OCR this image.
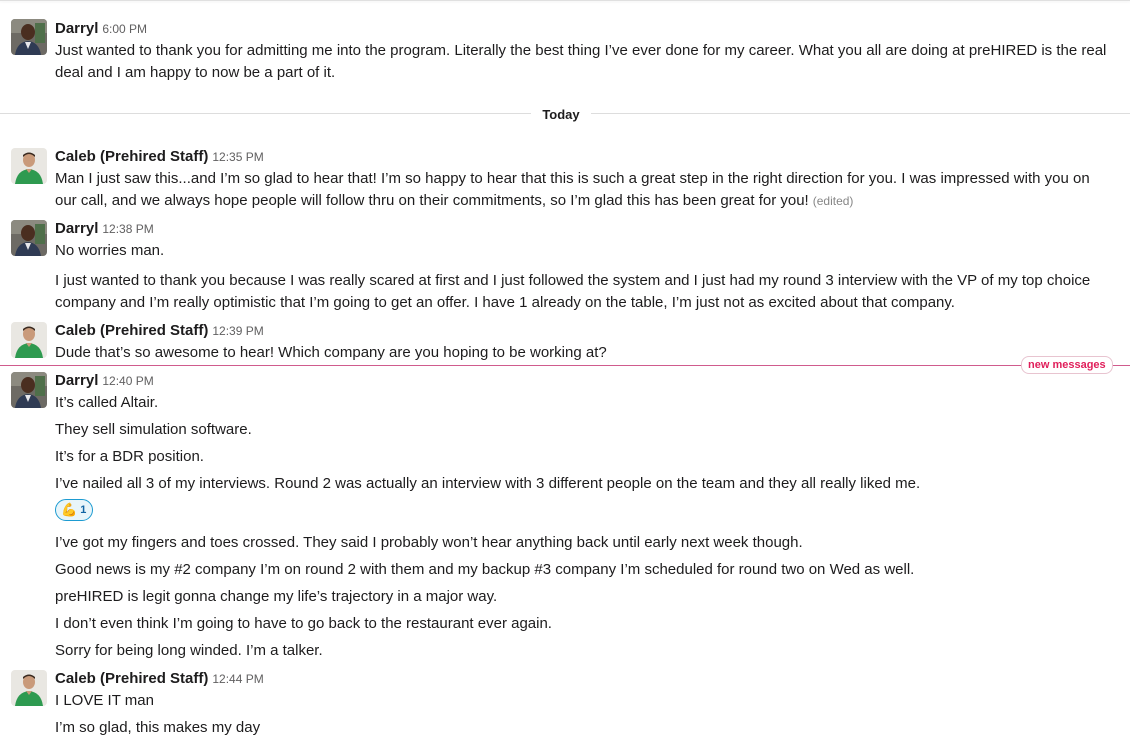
Darryl 6:00 PM
Just wanted to thank you for admitting me into the program. Literally the best thing I’ve ever done for my career. What you all are doing at preHIRED is the real deal and I am happy to now be a part of it.
Today
Caleb (Prehired Staff) 12:35 PM
Man I just saw this...and I’m so glad to hear that! I’m so happy to hear that this is such a great step in the right direction for you. I was impressed with you on our call, and we always hope people will follow thru on their commitments, so I’m glad this has been great for you! (edited)
Darryl 12:38 PM
No worries man.
I just wanted to thank you because I was really scared at first and I just followed the system and I just had my round 3 interview with the VP of my top choice company and I’m really optimistic that I’m going to get an offer. I have 1 already on the table, I’m just not as excited about that company.
Caleb (Prehired Staff) 12:39 PM
Dude that’s so awesome to hear! Which company are you hoping to be working at?
new messages
Darryl 12:40 PM
It’s called Altair.
They sell simulation software.
It’s for a BDR position.
I’ve nailed all 3 of my interviews. Round 2 was actually an interview with 3 different people on the team and they all really liked me.
I’ve got my fingers and toes crossed. They said I probably won’t hear anything back until early next week though.
Good news is my #2 company I’m on round 2 with them and my backup #3 company I’m scheduled for round two on Wed as well.
preHIRED is legit gonna change my life’s trajectory in a major way.
I don’t even think I’m going to have to go back to the restaurant ever again.
Sorry for being long winded. I’m a talker.
💪 1
Caleb (Prehired Staff) 12:44 PM
I LOVE IT man
I’m so glad, this makes my day
